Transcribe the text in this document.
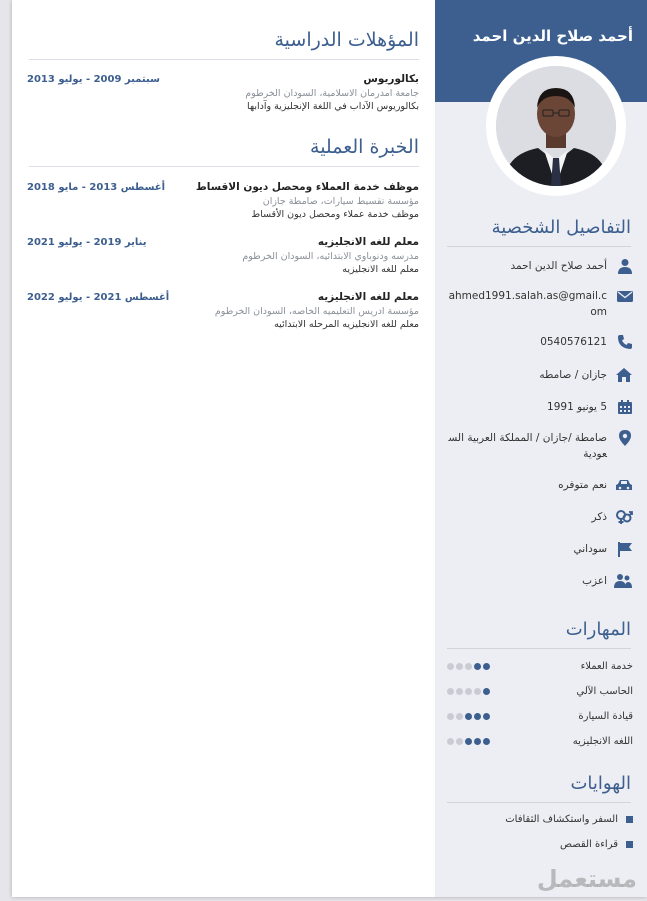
أحمد صلاح الدين احمد
التفاصيل الشخصية
أحمد صلاح الدين احمد
ahmed1991.salah.as@gmail.com
0540576121
جازان / صامطه
5 يونيو 1991
صامطة /جازان / المملكة العربية السعودية
نعم متوفره
ذكر
سوداني
اعزب
المهارات
خدمة العملاء
الحاسب الآلي
قيادة السيارة
اللغه الانجليزيه
الهوايات
السفر واستكشاف الثقافات
قراءة القصص
المؤهلات الدراسية
بكالوريوس
سبتمبر 2009 - يوليو 2013
جامعة امدرمان الاسلامية، السودان الخرطوم
بكالوريوس الآداب في اللغة الإنجليزية وآدابها
الخبرة العملية
موظف خدمة العملاء ومحصل ديون الاقساط
أغسطس 2013 - مايو 2018
مؤسسة تقسيط سيارات، صامطة جازان
موظف خدمة عملاء ومحصل ديون الأقساط
معلم للغه الانجليزيه
يناير 2019 - يوليو 2021
مدرسه ودنوباوي الابتدائيه، السودان الخرطوم
معلم للغه الانجليزيه
معلم للغه الانجليزيه
أغسطس 2021 - يوليو 2022
مؤسسة ادريس التعليميه الخاصه، السودان الخرطوم
معلم للغه الانجليزيه المرحله الابتدائيه
مستعمل
